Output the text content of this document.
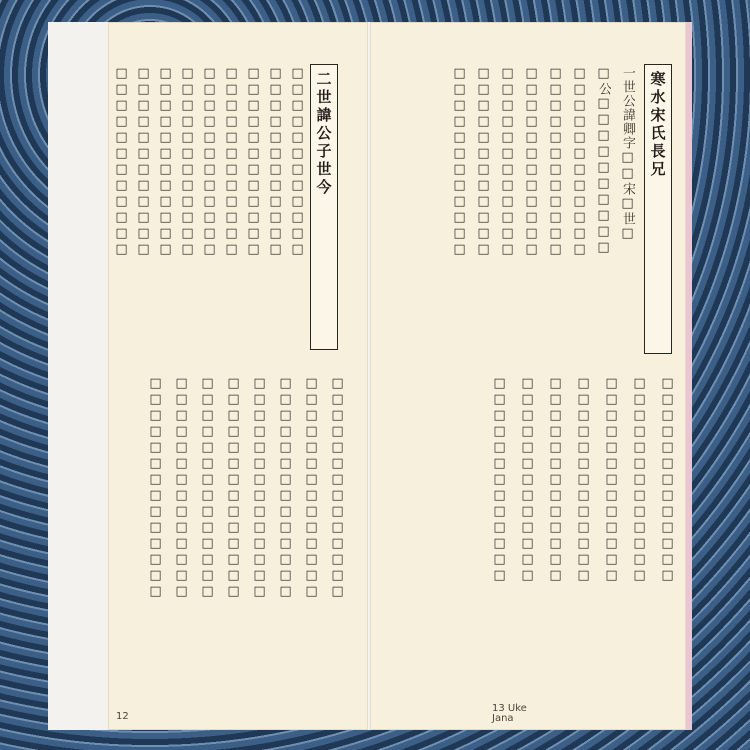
二世諱公子世今
□□□□□□□□□□□□
□□□□□□□□□□□□
□□□□□□□□□□□□
□□□□□□□□□□□□
□□□□□□□□□□□□
□□□□□□□□□□□□
□□□□□□□□□□□□
□□□□□□□□□□□□
□□□□□□□□□□□□
□□□□□□□□□□□□□□
□□□□□□□□□□□□□□
□□□□□□□□□□□□□□
□□□□□□□□□□□□□□
□□□□□□□□□□□□□□
□□□□□□□□□□□□□□
□□□□□□□□□□□□□□
□□□□□□□□□□□□□□
12
寒水宋氏長兄
一世公諱卿字□□宋□世□
□公□□□□□□□□□□
□□□□□□□□□□□□
□□□□□□□□□□□□
□□□□□□□□□□□□
□□□□□□□□□□□□
□□□□□□□□□□□□
□□□□□□□□□□□□
□□□□□□□□□□□□□
□□□□□□□□□□□□□
□□□□□□□□□□□□□
□□□□□□□□□□□□□
□□□□□□□□□□□□□
□□□□□□□□□□□□□
□□□□□□□□□□□□□
13 Uke
Jana
